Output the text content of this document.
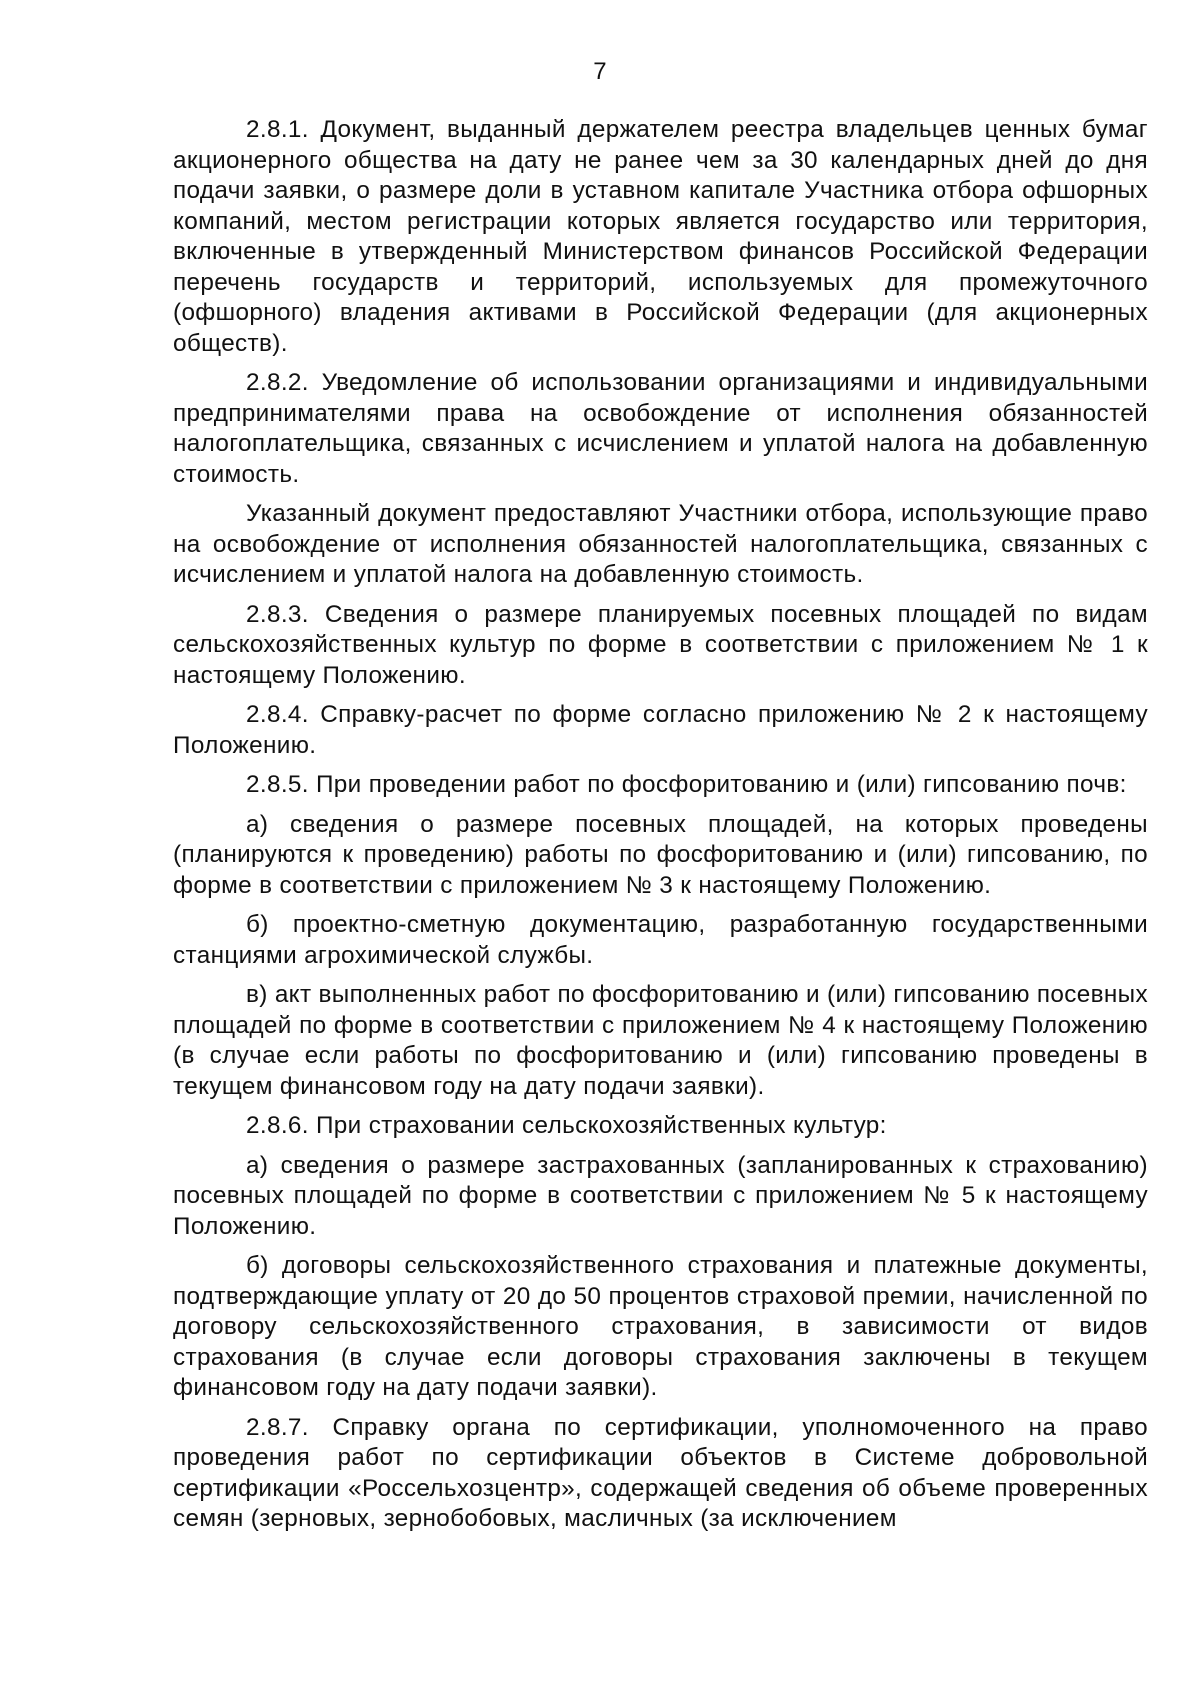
7

2.8.1. Документ, выданный держателем реестра владельцев ценных бумаг акционерного общества на дату не ранее чем за 30 календарных дней до дня подачи заявки, о размере доли в уставном капитале Участника отбора офшорных компаний, местом регистрации которых является государство или территория, включенные в утвержденный Министерством финансов Российской Федерации перечень государств и территорий, используемых для промежуточного (офшорного) владения активами в Российской Федерации (для акционерных обществ).

2.8.2. Уведомление об использовании организациями и индивидуальными предпринимателями права на освобождение от исполнения обязанностей налогоплательщика, связанных с исчислением и уплатой налога на добавленную стоимость.

Указанный документ предоставляют Участники отбора, использующие право на освобождение от исполнения обязанностей налогоплательщика, связанных с исчислением и уплатой налога на добавленную стоимость.

2.8.3. Сведения о размере планируемых посевных площадей по видам сельскохозяйственных культур по форме в соответствии с приложением № 1 к настоящему Положению.

2.8.4. Справку-расчет по форме согласно приложению № 2 к настоящему Положению.

2.8.5. При проведении работ по фосфоритованию и (или) гипсованию почв:

а) сведения о размере посевных площадей, на которых проведены (планируются к проведению) работы по фосфоритованию и (или) гипсованию, по форме в соответствии с приложением № 3 к настоящему Положению.

б) проектно-сметную документацию, разработанную государственными станциями агрохимической службы.

в) акт выполненных работ по фосфоритованию и (или) гипсованию посевных площадей по форме в соответствии с приложением № 4 к настоящему Положению (в случае если работы по фосфоритованию и (или) гипсованию проведены в текущем финансовом году на дату подачи заявки).

2.8.6. При страховании сельскохозяйственных культур:

а) сведения о размере застрахованных (запланированных к страхованию) посевных площадей по форме в соответствии с приложением № 5 к настоящему Положению.

б) договоры сельскохозяйственного страхования и платежные документы, подтверждающие уплату от 20 до 50 процентов страховой премии, начисленной по договору сельскохозяйственного страхования, в зависимости от видов страхования (в случае если договоры страхования заключены в текущем финансовом году на дату подачи заявки).

2.8.7. Справку органа по сертификации, уполномоченного на право проведения работ по сертификации объектов в Системе добровольной сертификации «Россельхозцентр», содержащей сведения об объеме проверенных семян (зерновых, зернобобовых, масличных (за исключением
